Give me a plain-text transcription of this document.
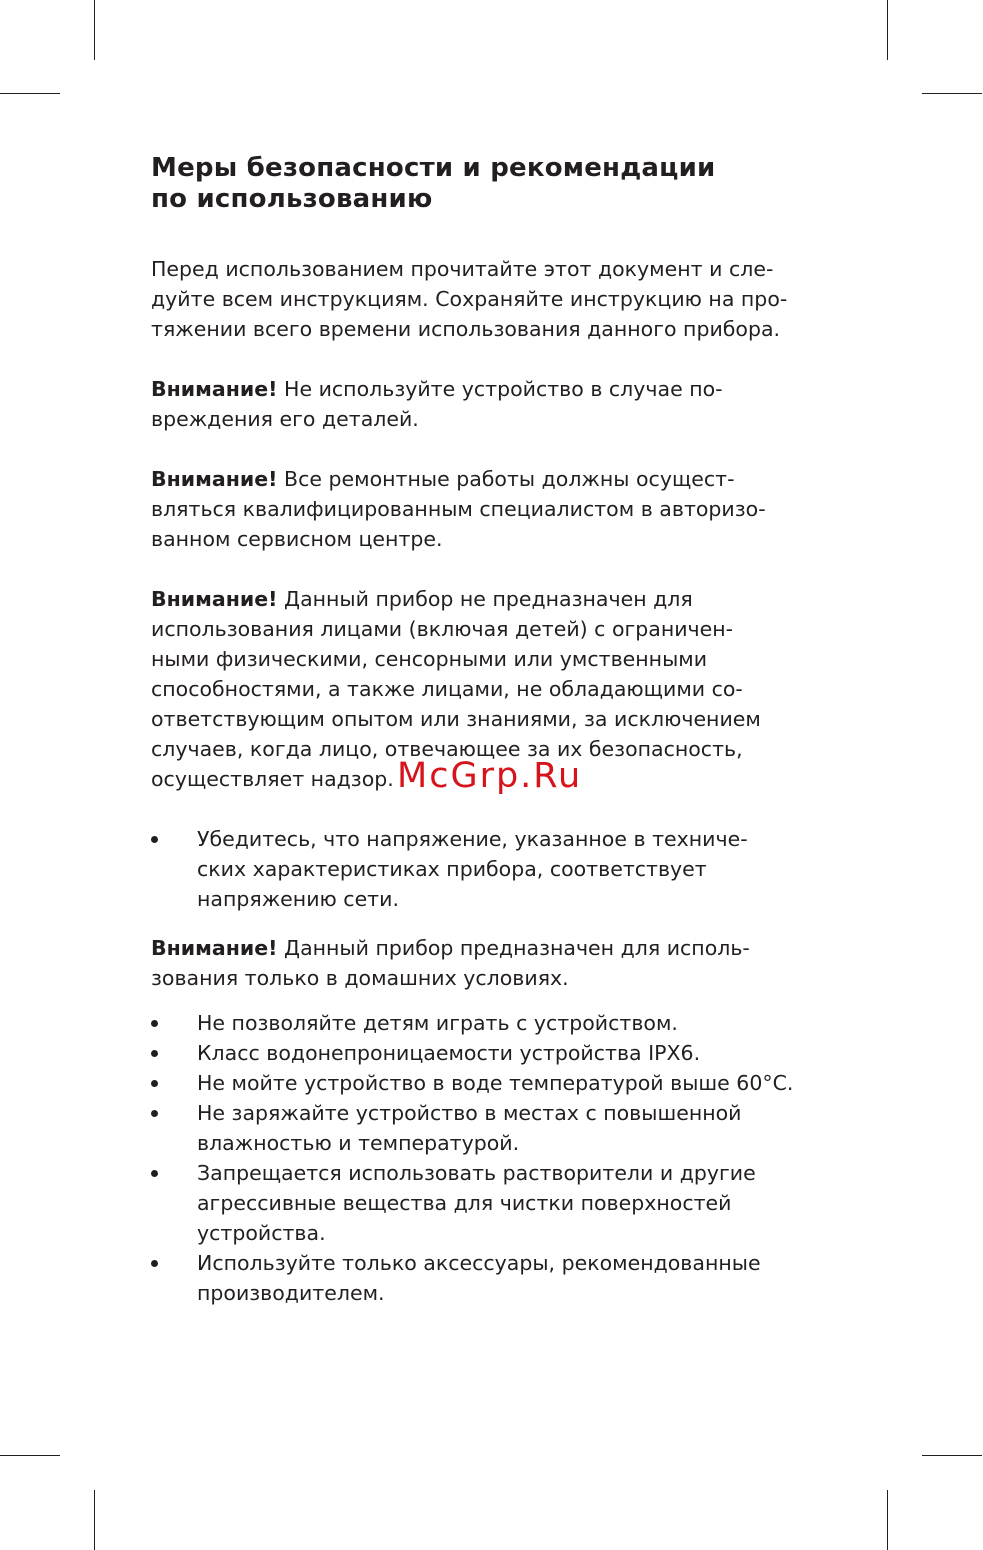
Меры безопасности и рекомендации
по использованию

Перед использованием прочитайте этот документ и сле-
дуйте всем инструкциям. Сохраняйте инструкцию на про-
тяжении всего времени использования данного прибора.

Внимание! Не используйте устройство в случае по-
вреждения его деталей.

Внимание! Все ремонтные работы должны осущест-
вляться квалифицированным специалистом в авторизо-
ванном сервисном центре.

Внимание! Данный прибор не предназначен для
использования лицами (включая детей) с ограничен-
ными физическими, сенсорными или умственными
способностями, а также лицами, не обладающими со-
ответствующим опытом или знаниями, за исключением
случаев, когда лицо, отвечающее за их безопасность,
осуществляет надзор.

Убедитесь, что напряжение, указанное в техниче-
ских характеристиках прибора, соответствует
напряжению сети.

Внимание! Данный прибор предназначен для исполь-
зования только в домашних условиях.

Не позволяйте детям играть с устройством.
Класс водонепроницаемости устройства IPX6.
Не мойте устройство в воде температурой выше 60°C.
Не заряжайте устройство в местах с повышенной
влажностью и температурой.
Запрещается использовать растворители и другие
агрессивные вещества для чистки поверхностей
устройства.
Используйте только аксессуары, рекомендованные
производителем.
McGrp.Ru
